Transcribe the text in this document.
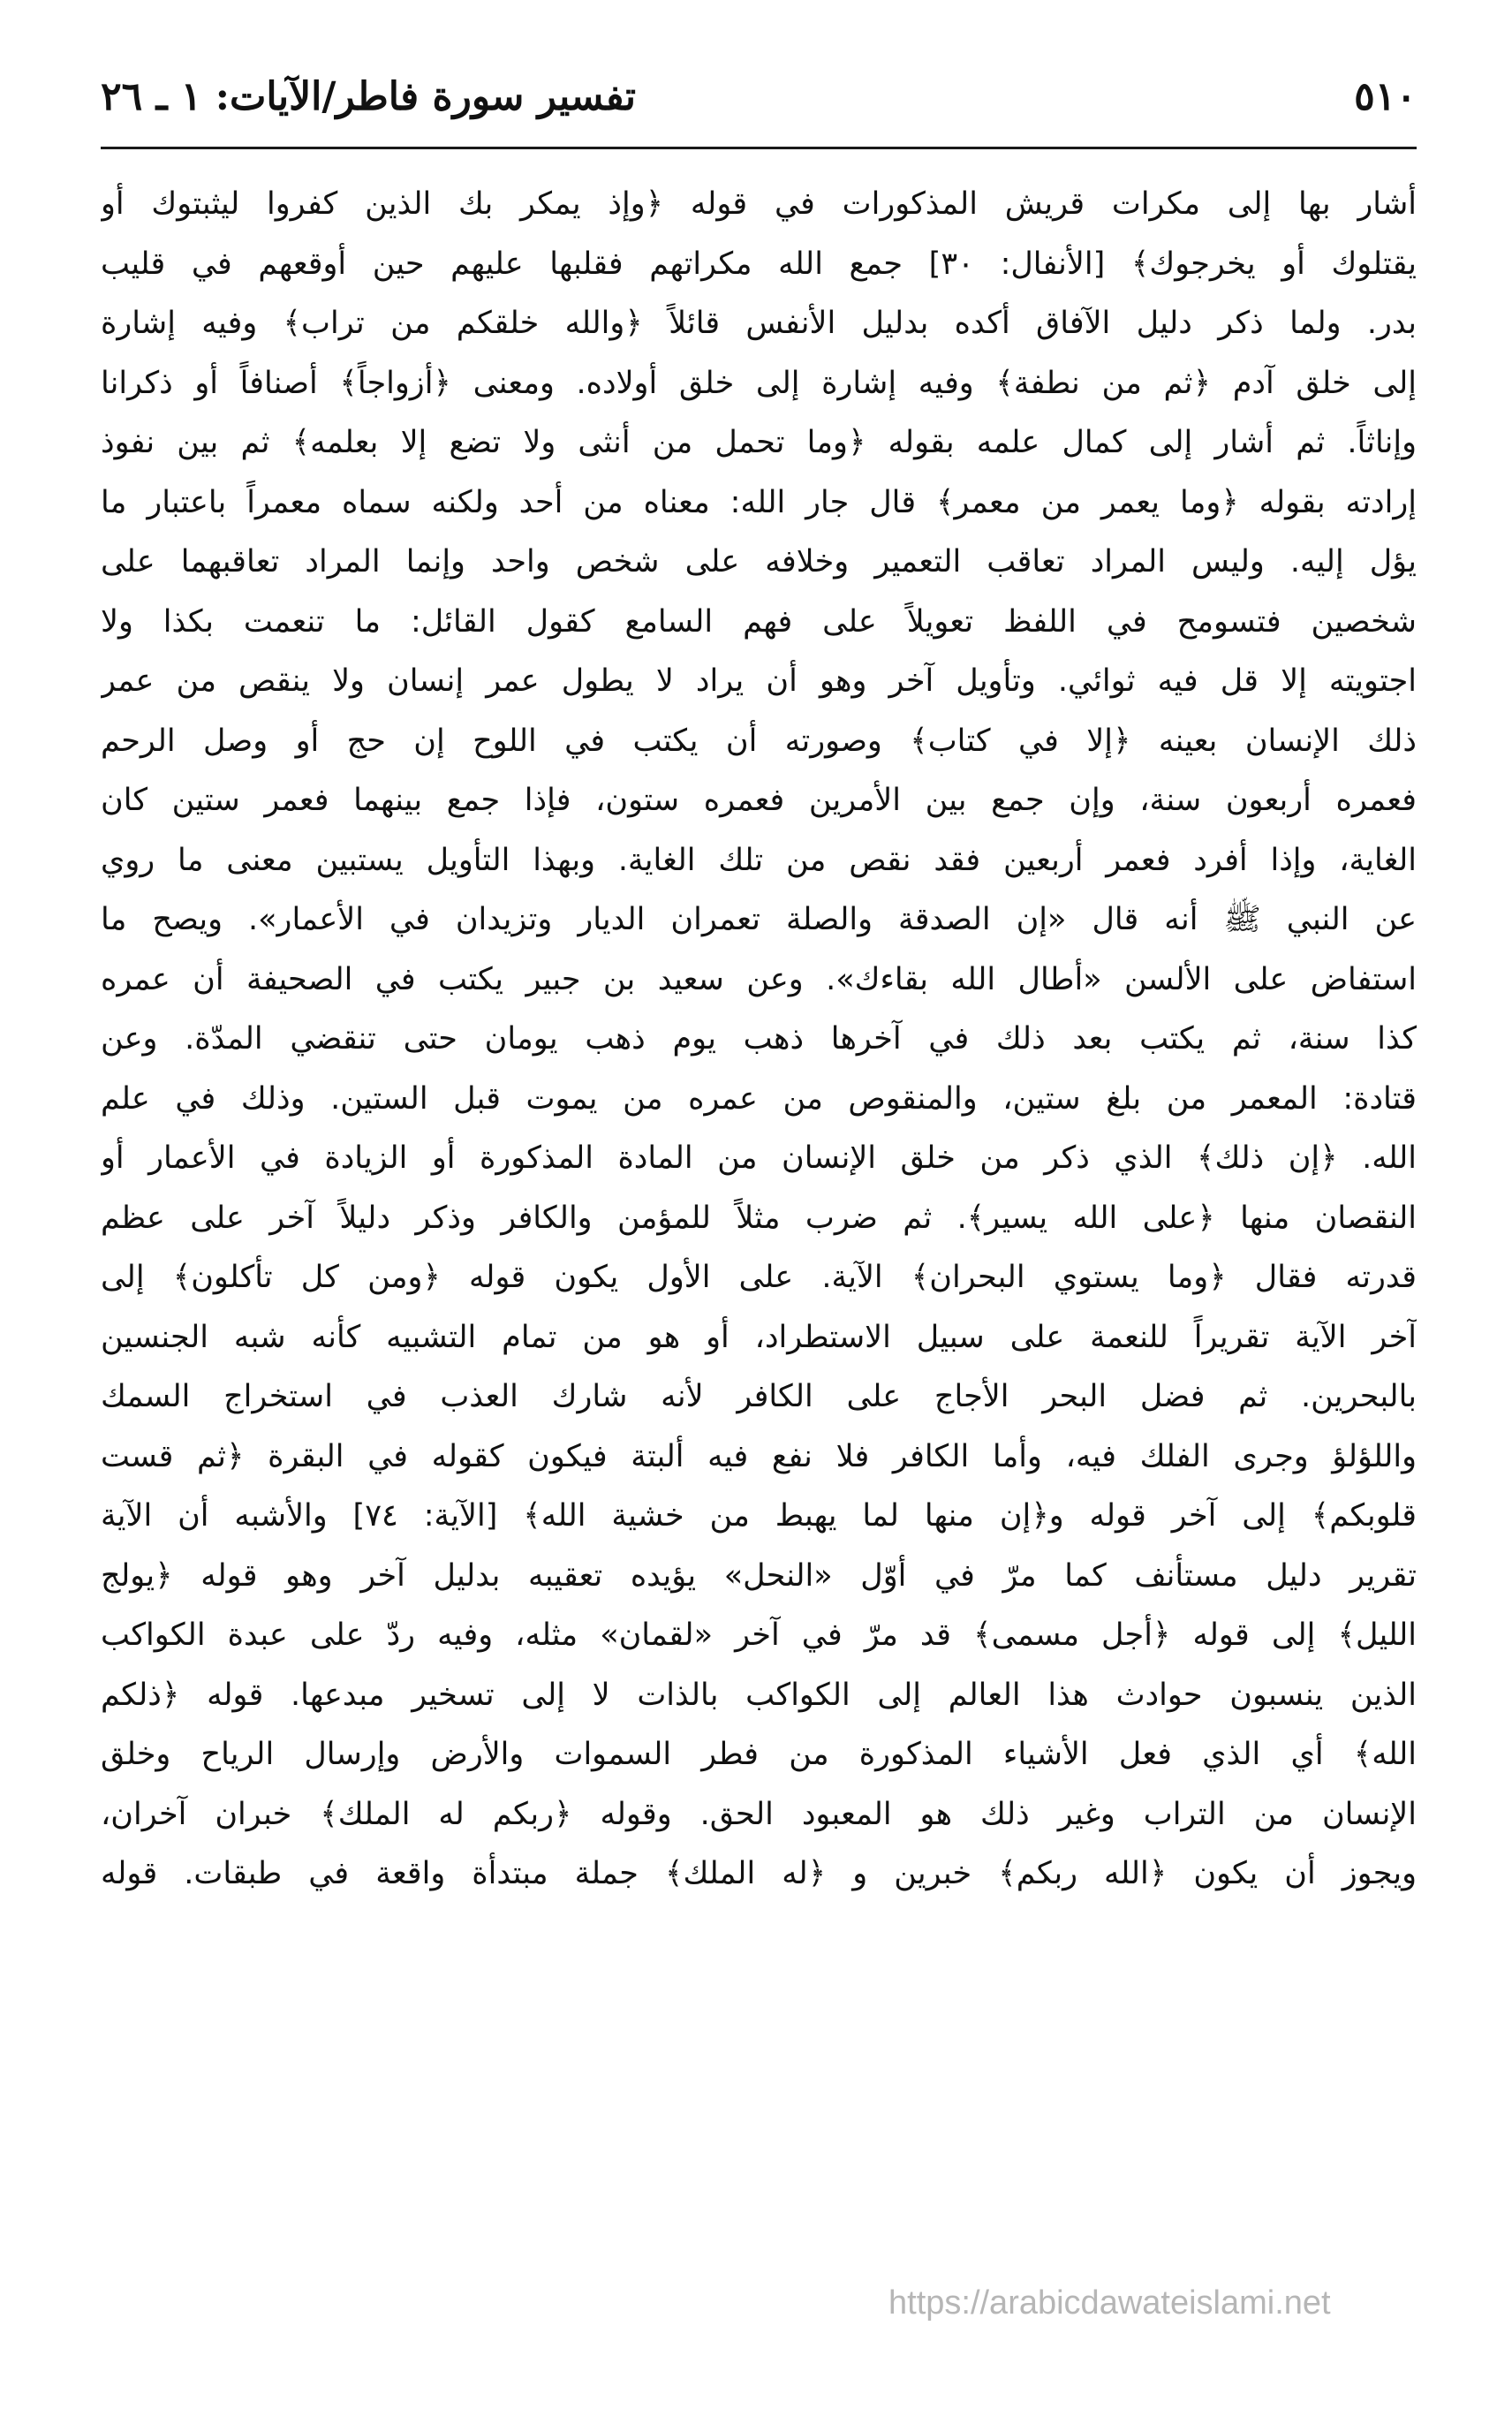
٥١٠
تفسير سورة فاطر/الآيات: ١ ـ ٢٦
أشار بها إلى مكرات قريش المذكورات في قوله ﴿وإذ يمكر بك الذين كفروا ليثبتوك أو
يقتلوك أو يخرجوك﴾ [الأنفال: ٣٠] جمع الله مكراتهم فقلبها عليهم حين أوقعهم في قليب
بدر. ولما ذكر دليل الآفاق أكده بدليل الأنفس قائلاً ﴿والله خلقكم من تراب﴾ وفيه إشارة
إلى خلق آدم ﴿ثم من نطفة﴾ وفيه إشارة إلى خلق أولاده. ومعنى ﴿أزواجاً﴾ أصنافاً أو ذكرانا
وإناثاً. ثم أشار إلى كمال علمه بقوله ﴿وما تحمل من أنثى ولا تضع إلا بعلمه﴾ ثم بين نفوذ
إرادته بقوله ﴿وما يعمر من معمر﴾ قال جار الله: معناه من أحد ولكنه سماه معمراً باعتبار ما
يؤل إليه. وليس المراد تعاقب التعمير وخلافه على شخص واحد وإنما المراد تعاقبهما على
شخصين فتسومح في اللفظ تعويلاً على فهم السامع كقول القائل: ما تنعمت بكذا ولا
اجتويته إلا قل فيه ثوائي. وتأويل آخر وهو أن يراد لا يطول عمر إنسان ولا ينقص من عمر
ذلك الإنسان بعينه ﴿إلا في كتاب﴾ وصورته أن يكتب في اللوح إن حج أو وصل الرحم
فعمره أربعون سنة، وإن جمع بين الأمرين فعمره ستون، فإذا جمع بينهما فعمر ستين كان
الغاية، وإذا أفرد فعمر أربعين فقد نقص من تلك الغاية. وبهذا التأويل يستبين معنى ما روي
عن النبي ﷺ أنه قال «إن الصدقة والصلة تعمران الديار وتزيدان في الأعمار». ويصح ما
استفاض على الألسن «أطال الله بقاءك». وعن سعيد بن جبير يكتب في الصحيفة أن عمره
كذا سنة، ثم يكتب بعد ذلك في آخرها ذهب يوم ذهب يومان حتى تنقضي المدّة. وعن
قتادة: المعمر من بلغ ستين، والمنقوص من عمره من يموت قبل الستين. وذلك في علم
الله. ﴿إن ذلك﴾ الذي ذكر من خلق الإنسان من المادة المذكورة أو الزيادة في الأعمار أو
النقصان منها ﴿على الله يسير﴾. ثم ضرب مثلاً للمؤمن والكافر وذكر دليلاً آخر على عظم
قدرته فقال ﴿وما يستوي البحران﴾ الآية. على الأول يكون قوله ﴿ومن كل تأكلون﴾ إلى
آخر الآية تقريراً للنعمة على سبيل الاستطراد، أو هو من تمام التشبيه كأنه شبه الجنسين
بالبحرين. ثم فضل البحر الأجاج على الكافر لأنه شارك العذب في استخراج السمك
واللؤلؤ وجرى الفلك فيه، وأما الكافر فلا نفع فيه ألبتة فيكون كقوله في البقرة ﴿ثم قست
قلوبكم﴾ إلى آخر قوله و﴿إن منها لما يهبط من خشية الله﴾ [الآية: ٧٤] والأشبه أن الآية
تقرير دليل مستأنف كما مرّ في أوّل «النحل» يؤيده تعقيبه بدليل آخر وهو قوله ﴿يولج
الليل﴾ إلى قوله ﴿أجل مسمى﴾ قد مرّ في آخر «لقمان» مثله، وفيه ردّ على عبدة الكواكب
الذين ينسبون حوادث هذا العالم إلى الكواكب بالذات لا إلى تسخير مبدعها. قوله ﴿ذلكم
الله﴾ أي الذي فعل الأشياء المذكورة من فطر السموات والأرض وإرسال الرياح وخلق
الإنسان من التراب وغير ذلك هو المعبود الحق. وقوله ﴿ربكم له الملك﴾ خبران آخران،
ويجوز أن يكون ﴿الله ربكم﴾ خبرين و ﴿له الملك﴾ جملة مبتدأة واقعة في طبقات. قوله
https://arabicdawateislami.net
